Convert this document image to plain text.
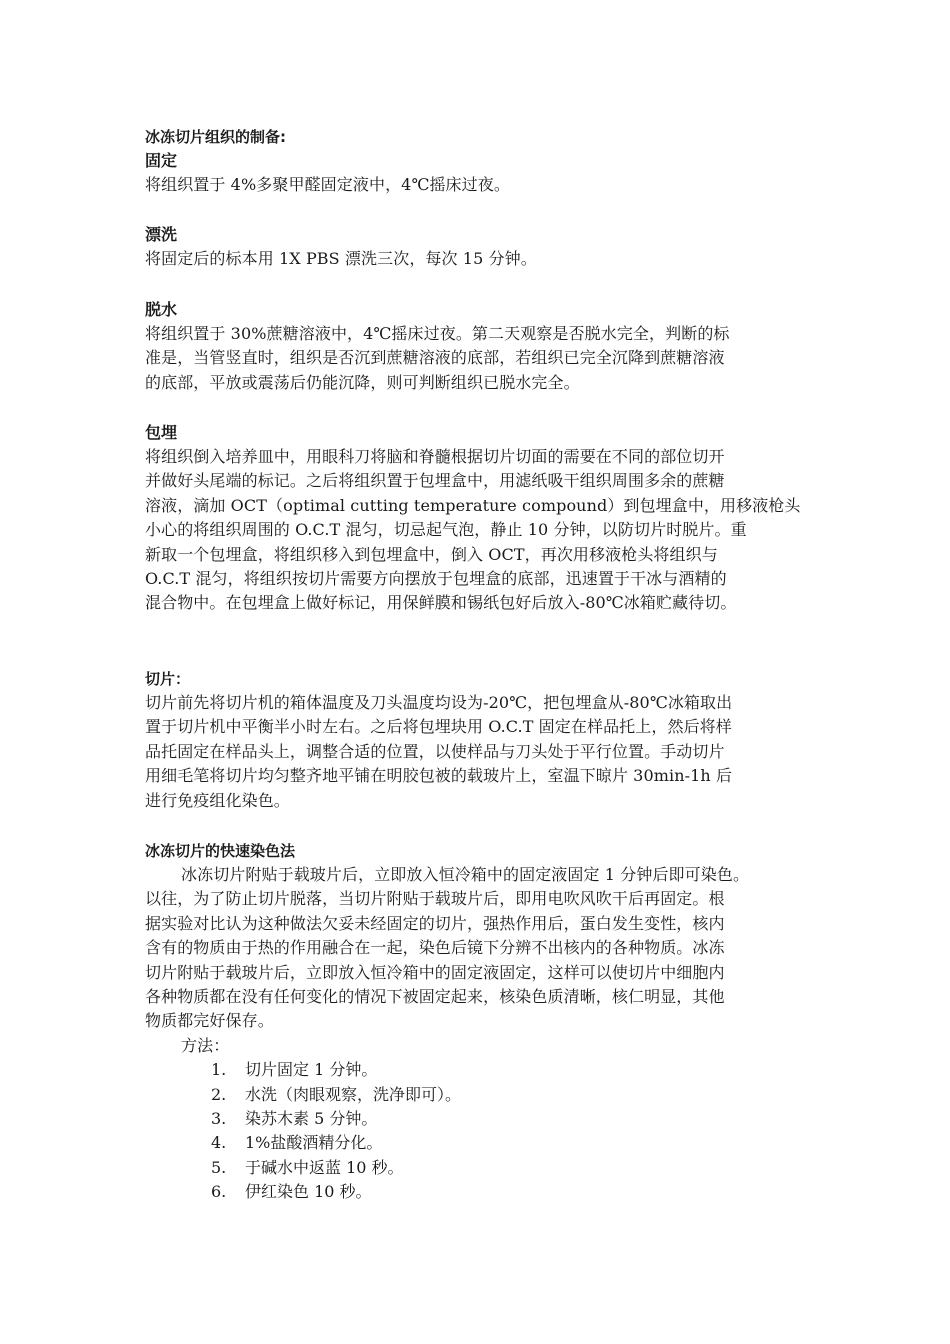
冰冻切片组织的制备:

固定

将组织置于 4%多聚甲醛固定液中，4℃摇床过夜。

漂洗

将固定后的标本用 1X PBS 漂洗三次，每次 15 分钟。

脱水

将组织置于 30%蔗糖溶液中，4℃摇床过夜。第二天观察是否脱水完全，判断的标

准是，当管竖直时，组织是否沉到蔗糖溶液的底部，若组织已完全沉降到蔗糖溶液

的底部，平放或震荡后仍能沉降，则可判断组织已脱水完全。

包埋

将组织倒入培养皿中，用眼科刀将脑和脊髓根据切片切面的需要在不同的部位切开

并做好头尾端的标记。之后将组织置于包埋盒中，用滤纸吸干组织周围多余的蔗糖

溶液，滴加 OCT（optimal cutting temperature compound）到包埋盒中，用移液枪头

小心的将组织周围的 O.C.T 混匀，切忌起气泡，静止 10 分钟，以防切片时脱片。重

新取一个包埋盒，将组织移入到包埋盒中，倒入 OCT，再次用移液枪头将组织与

O.C.T 混匀，将组织按切片需要方向摆放于包埋盒的底部，迅速置于干冰与酒精的

混合物中。在包埋盒上做好标记，用保鲜膜和锡纸包好后放入-80℃冰箱贮藏待切。

切片：

切片前先将切片机的箱体温度及刀头温度均设为-20℃，把包埋盒从-80℃冰箱取出

置于切片机中平衡半小时左右。之后将包埋块用 O.C.T 固定在样品托上，然后将样

品托固定在样品头上，调整合适的位置，以使样品与刀头处于平行位置。手动切片

用细毛笔将切片均匀整齐地平铺在明胶包被的载玻片上，室温下晾片 30min-1h 后

进行免疫组化染色。

冰冻切片的快速染色法

冰冻切片附贴于载玻片后，立即放入恒冷箱中的固定液固定 1 分钟后即可染色。

以往，为了防止切片脱落，当切片附贴于载玻片后，即用电吹风吹干后再固定。根

据实验对比认为这种做法欠妥未经固定的切片，强热作用后，蛋白发生变性，核内

含有的物质由于热的作用融合在一起，染色后镜下分辨不出核内的各种物质。冰冻

切片附贴于载玻片后，立即放入恒冷箱中的固定液固定，这样可以使切片中细胞内

各种物质都在没有任何变化的情况下被固定起来，核染色质清晰，核仁明显，其他

物质都完好保存。

方法：

1.	切片固定 1 分钟。
2.	水洗（肉眼观察，洗净即可）。
3.	染苏木素 5 分钟。
4.	1%盐酸酒精分化。
5.	于碱水中返蓝 10 秒。
6.	伊红染色 10 秒。
